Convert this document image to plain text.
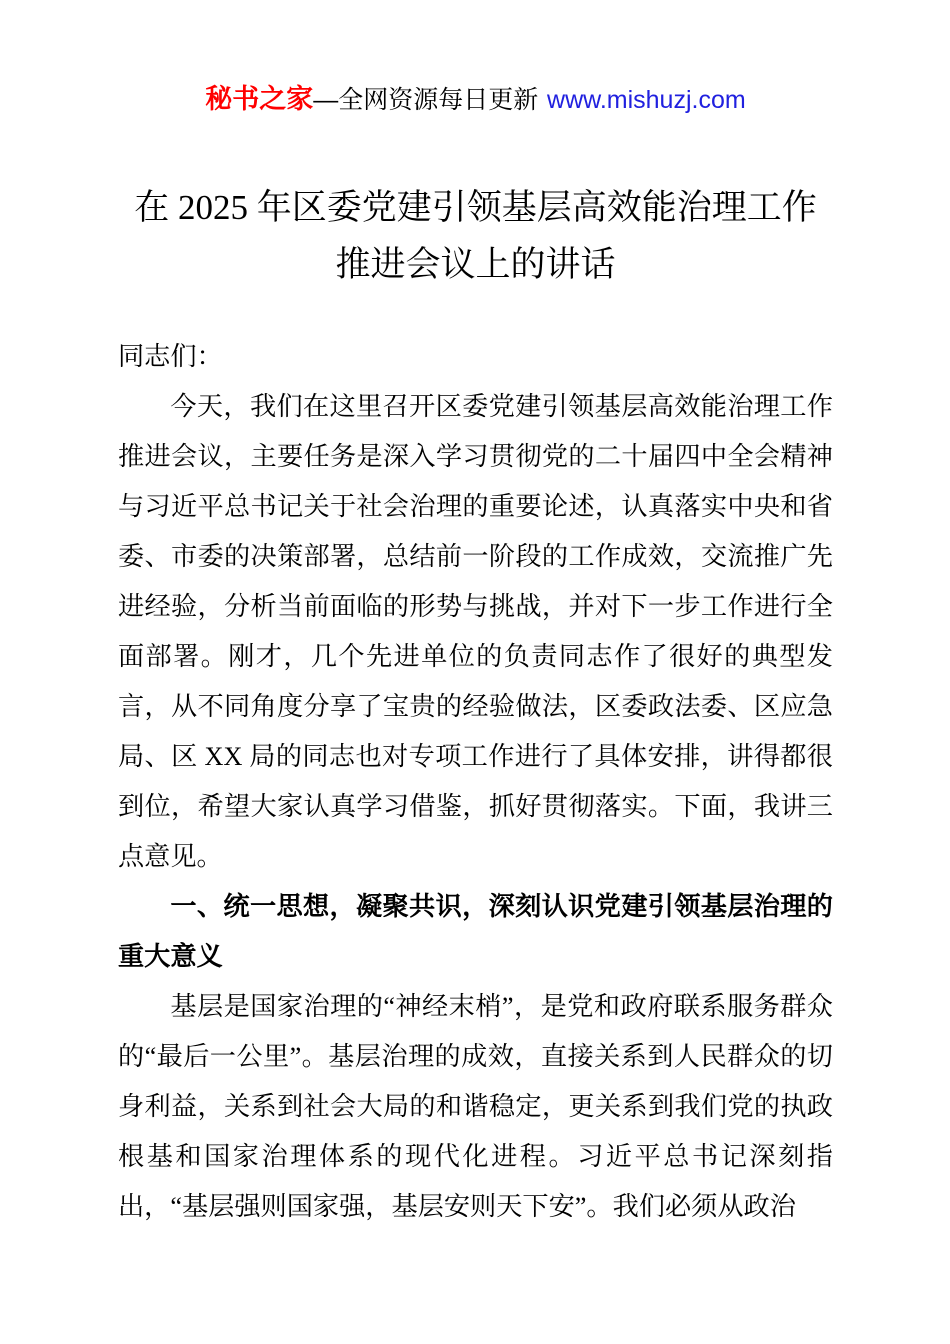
秘书之家—全网资源每日更新 www.mishuzj.com
在 2025 年区委党建引领基层高效能治理工作
推进会议上的讲话

同志们：

今天，我们在这里召开区委党建引领基层高效能治理工作推进会议，主要任务是深入学习贯彻党的二十届四中全会精神与习近平总书记关于社会治理的重要论述，认真落实中央和省委、市委的决策部署，总结前一阶段的工作成效，交流推广先进经验，分析当前面临的形势与挑战，并对下一步工作进行全面部署。刚才，几个先进单位的负责同志作了很好的典型发言，从不同角度分享了宝贵的经验做法，区委政法委、区应急局、区 XX 局的同志也对专项工作进行了具体安排，讲得都很到位，希望大家认真学习借鉴，抓好贯彻落实。下面，我讲三点意见。

一、统一思想，凝聚共识，深刻认识党建引领基层治理的重大意义

基层是国家治理的“神经末梢”，是党和政府联系服务群众的“最后一公里”。基层治理的成效，直接关系到人民群众的切身利益，关系到社会大局的和谐稳定，更关系到我们党的执政根基和国家治理体系的现代化进程。习近平总书记深刻指出，“基层强则国家强，基层安则天下安”。我们必须从政治
